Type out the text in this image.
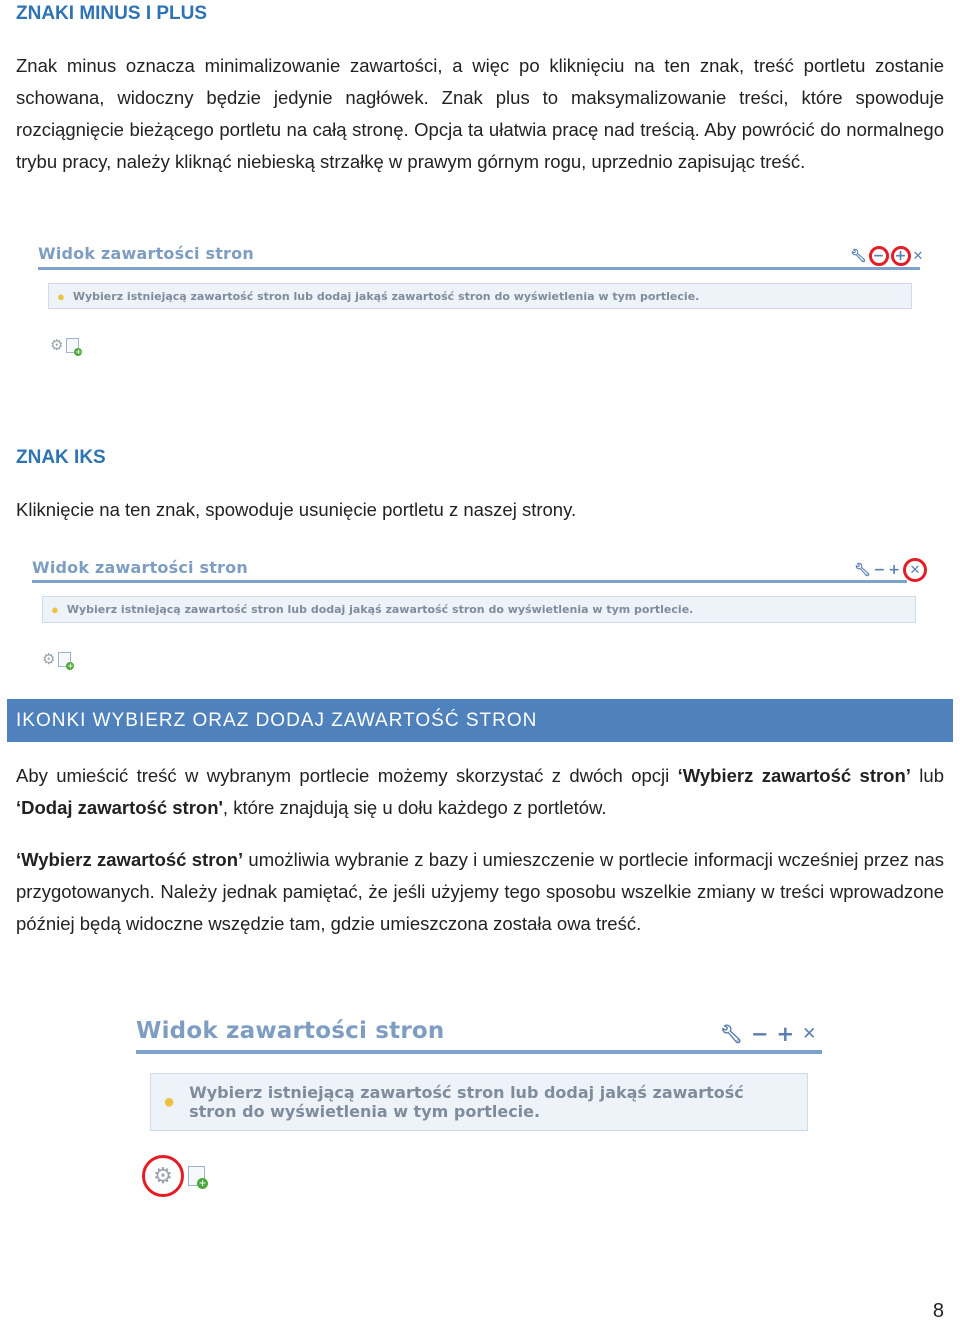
ZNAKI MINUS I PLUS
Znak minus oznacza minimalizowanie zawartości, a więc po kliknięciu na ten znak, treść portletu zostanie schowana, widoczny będzie jedynie nagłówek. Znak plus to maksymalizowanie treści, które spowoduje rozciągnięcie bieżącego portletu na całą stronę. Opcja ta ułatwia pracę nad treścią. Aby powrócić do normalnego trybu pracy, należy kliknąć niebieską strzałkę w prawym górnym rogu, uprzednio zapisując treść.
Widok zawartości stron	🔧︎ − + ✕
● Wybierz istniejącą zawartość stron lub dodaj jakąś zawartość stron do wyświetlenia w tym portlecie.
⚙ +
ZNAK IKS
Kliknięcie na ten znak, spowoduje usunięcie portletu z naszej strony.
Widok zawartości stron	🔧︎ − + ✕
● Wybierz istniejącą zawartość stron lub dodaj jakąś zawartość stron do wyświetlenia w tym portlecie.
⚙ +
IKONKI WYBIERZ ORAZ DODAJ ZAWARTOŚĆ STRON
Aby umieścić treść w wybranym portlecie możemy skorzystać z dwóch opcji ‘Wybierz zawartość stron’ lub ‘Dodaj zawartość stron', które znajdują się u dołu każdego z portletów.
‘Wybierz zawartość stron’ umożliwia wybranie z bazy i umieszczenie w portlecie informacji wcześniej przez nas przygotowanych. Należy jednak pamiętać, że jeśli użyjemy tego sposobu wszelkie zmiany w treści wprowadzone później będą widoczne wszędzie tam, gdzie umieszczona została owa treść.
Widok zawartości stron	🔧︎ − + ✕
● Wybierz istniejącą zawartość stron lub dodaj jakąś zawartość
stron do wyświetlenia w tym portlecie.
⚙	+
8
